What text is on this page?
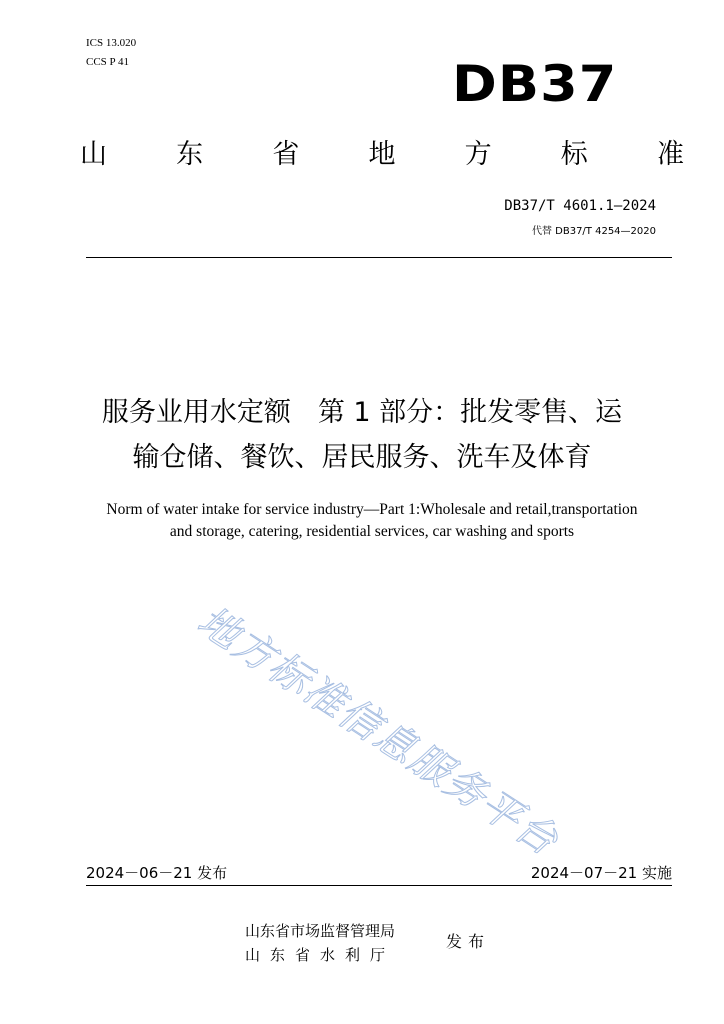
ICS 13.020
CCS P 41	DB37
山	东	省	地	方	标	准
DB37/T 4601.1—2024
代替 DB37/T 4254—2020
服务业用水定额　第 1 部分：批发零售、运
输仓储、餐饮、居民服务、洗车及体育
Norm of water intake for service industry—Part 1:Wholesale and retail,transportation
and storage, catering, residential services, car washing and sports
地方标准信息服务平台
2024－06－21 发布	2024－07－21 实施
山东省市场监督管理局
山东省水利厅
发布
